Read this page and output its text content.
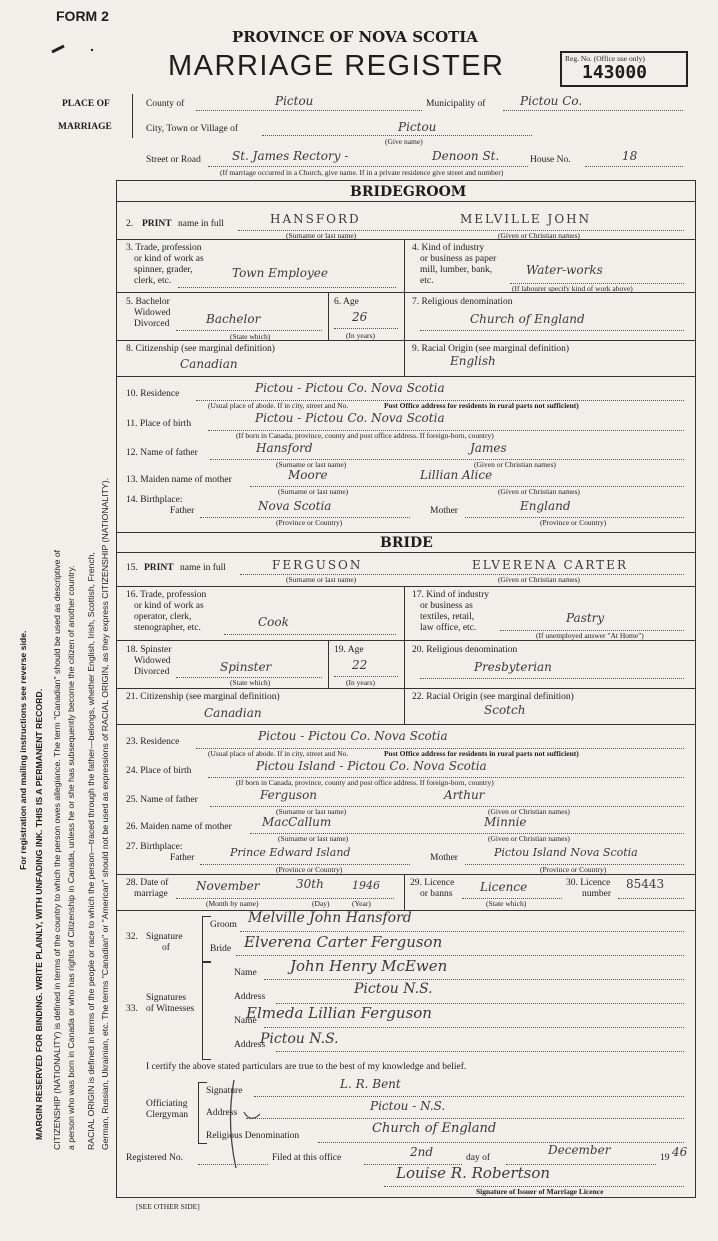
For registration and mailing instructions see reverse side. MARGIN RESERVED FOR BINDING. WRITE PLAINLY, WITH UNFADING INK. THIS IS A PERMANENT RECORD. CITIZENSHIP (NATIONALITY) is defined in terms of the country to which the person owes allegiance. The term "Canadian" should be used as descriptive of a person who was born in Canada or who has rights of Citizenship in Canada, unless he or she has subsequently become the citizen of another country. RACIAL ORIGIN is defined in terms of the people or race to which the person—traced through the father—belongs, whether English, Irish, Scottish, French, German, Russian, Ukrainian, etc. The terms "Canadian" or "American" should not be used as expressions of RACIAL ORIGIN, as they express CITIZENSHIP (NATIONALITY).
FORM 2
PROVINCE OF NOVA SCOTIA
MARRIAGE REGISTER	Reg. No. (Office use only)
143000
PLACE OF
MARRIAGE
County of	Pictou	Municipality of	Pictou Co.
City, Town or Village of	Pictou
(Give name)
Street or Road	St. James Rectory -	Denoon St.	House No.	18
(If marriage occurred in a Church, give name. If in a private residence give street and number)
BRIDEGROOM
2. PRINT name in full	HANSFORD	MELVILLE JOHN
(Surname or last name)	(Given or Christian names)
3. Trade, profession
or kind of work as
spinner, grader,
clerk, etc.
Town Employee
4. Kind of industry
or business as paper
mill, lumber, bank,
etc.
Water-works
(If labourer specify kind of work above)
5. Bachelor
Widowed
Divorced	Bachelor
(State which)
6. Age
26
(In years)
7. Religious denomination
Church of England
8. Citizenship (see marginal definition)
Canadian
9. Racial Origin (see marginal definition)
English
10. Residence	Pictou - Pictou Co. Nova Scotia
(Usual place of abode. If in city, street and No.	Post Office address for residents in rural parts not sufficient)
11. Place of birth	Pictou - Pictou Co. Nova Scotia
(If born in Canada, province, county and post office address. If foreign-born, country)
12. Name of father	Hansford	James
(Surname or last name)	(Given or Christian names)
13. Maiden name of mother	Moore	Lillian Alice
(Surname or last name)	(Given or Christian names)
14. Birthplace:
Father	Nova Scotia	Mother	England
(Province or Country)	(Province or Country)
BRIDE
15. PRINT name in full	FERGUSON	ELVERENA CARTER
(Surname or last name)	(Given or Christian names)
16. Trade, profession
or kind of work as
operator, clerk,
stenographer, etc.	Cook
17. Kind of industry
or business as
textiles, retail,
law office, etc.
Pastry
(If unemployed answer "At Home")
18. Spinster
Widowed
Divorced	Spinster
(State which)
19. Age
22
(In years)
20. Religious denomination
Presbyterian
21. Citizenship (see marginal definition)
Canadian
22. Racial Origin (see marginal definition)
Scotch
23. Residence	Pictou - Pictou Co. Nova Scotia
(Usual place of abode. If in city, street and No.	Post Office address for residents in rural parts not sufficient)
24. Place of birth	Pictou Island - Pictou Co. Nova Scotia
(If born in Canada, province, county and post office address. If foreign-born, country)
25. Name of father	Ferguson	Arthur
(Surname or last name)	(Given or Christian names)
26. Maiden name of mother	MacCallum	Minnie
(Surname or last name)	(Given or Christian names)
27. Birthplace:
Father	Prince Edward Island	Mother	Pictou Island Nova Scotia
(Province or Country)	(Province or Country)
28. Date of
marriage
November	30th	1946
(Month by name)	(Day)	(Year)
29. Licence
or banns Licence
(State which)
30. Licence
number
85443
32. Signature
of
Groom Melville John Hansford
Bride Elverena Carter Ferguson
33.
Signatures
of Witnesses
Name John Henry McEwen
Address	Pictou N.S.
Name
Elmeda Lillian Ferguson
Address
Pictou N.S.
I certify the above stated particulars are true to the best of my knowledge and belief.
Officiating
Clergyman
Signature	L. R. Bent
Address	Pictou - N.S.
Religious Denomination	Church of England
Registered No.	Filed at this office	2nd	day of
December
19 46
Louise R. Robertson
Signature of Issuer of Marriage Licence
[SEE OTHER SIDE]
